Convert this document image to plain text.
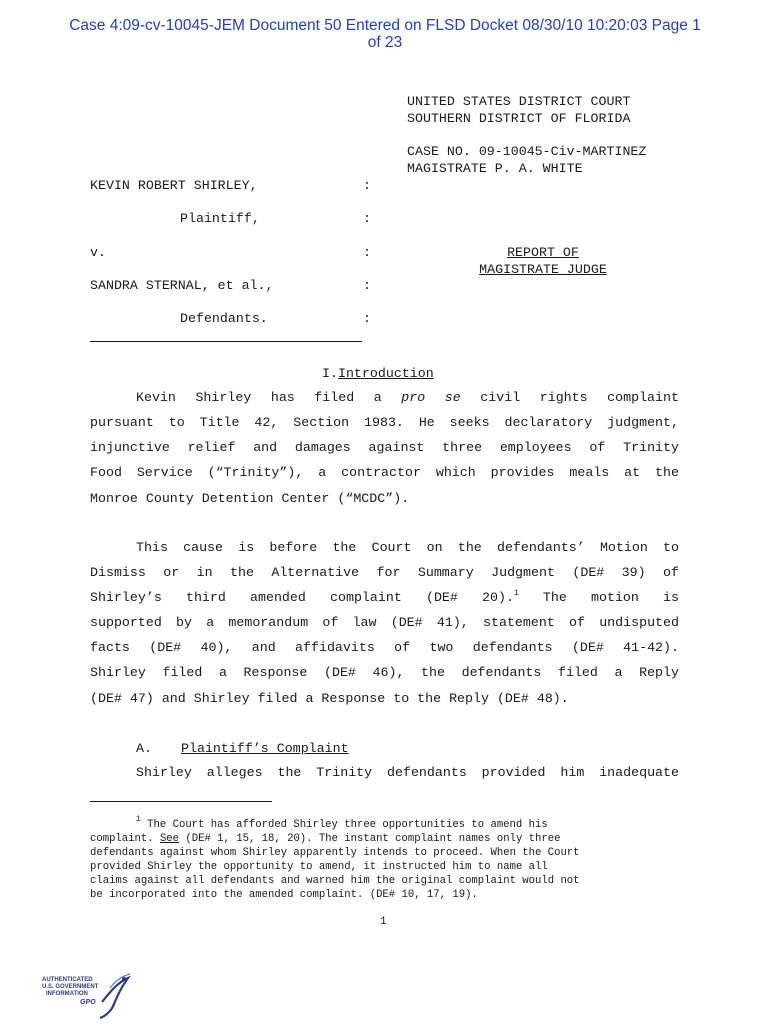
Case 4:09-cv-10045-JEM Document 50 Entered on FLSD Docket 08/30/10 10:20:03 Page 1
of 23
UNITED STATES DISTRICT COURT
SOUTHERN DISTRICT OF FLORIDA
CASE NO. 09-10045-Civ-MARTINEZ
MAGISTRATE P. A. WHITE
KEVIN ROBERT SHIRLEY,	:
Plaintiff,	:
v.	:	REPORT OF
MAGISTRATE JUDGE
SANDRA STERNAL, et al.,	:
Defendants.	:
I.Introduction
Kevin Shirley has filed a pro se civil rights complaint
pursuant to Title 42, Section 1983. He seeks declaratory judgment,
injunctive relief and damages against three employees of Trinity
Food Service (“Trinity”), a contractor which provides meals at the
Monroe County Detention Center (“MCDC”).
This cause is before the Court on the defendants’ Motion to
Dismiss or in the Alternative for Summary Judgment (DE# 39) of
Shirley’s third amended complaint (DE# 20).$^1$ The motion is
supported by a memorandum of law (DE# 41), statement of undisputed
facts (DE# 40), and affidavits of two defendants (DE# 41-42).
Shirley filed a Response (DE# 46), the defendants filed a Reply
(DE# 47) and Shirley filed a Response to the Reply (DE# 48).
A. Plaintiff’s Complaint
Shirley alleges the Trinity defendants provided him inadequate
$^1$ The Court has afforded Shirley three opportunities to amend his
complaint. See (DE# 1, 15, 18, 20). The instant complaint names only three
defendants against whom Shirley apparently intends to proceed. When the Court
provided Shirley the opportunity to amend, it instructed him to name all
claims against all defendants and warned him the original complaint would not
be incorporated into the amended complaint. (DE# 10, 17, 19).
1
AUTHENTICATED
U.S. GOVERNMENT
INFORMATION
GPO
